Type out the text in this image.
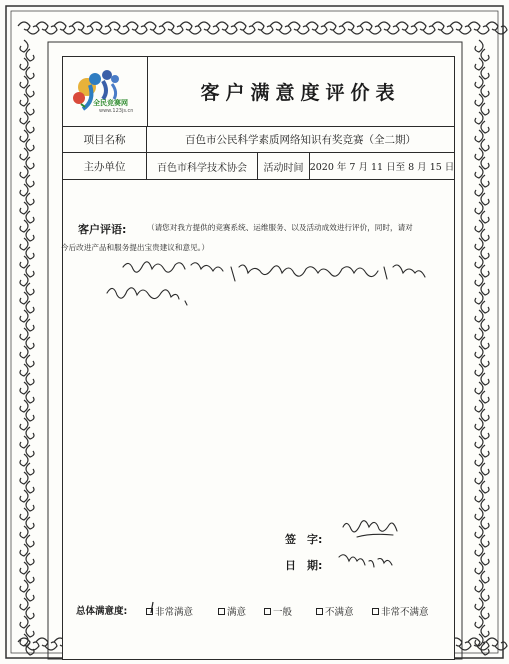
全民竞赛网
www.123js.cn
客户满意度评价表
项目名称	百色市公民科学素质网络知识有奖竞赛（全二期）
主办单位	百色市科学技术协会	活动时间 2020 年 7 月 11 日至 8 月 15 日
客户评语:	（请您对我方提供的竞赛系统、运维服务、以及活动成效进行评价，同时，请对
今后改进产品和服务提出宝贵建议和意见。）
签　字:
日　期:
总体满意度:	非常满意	满意	一般	不满意	非常不满意
